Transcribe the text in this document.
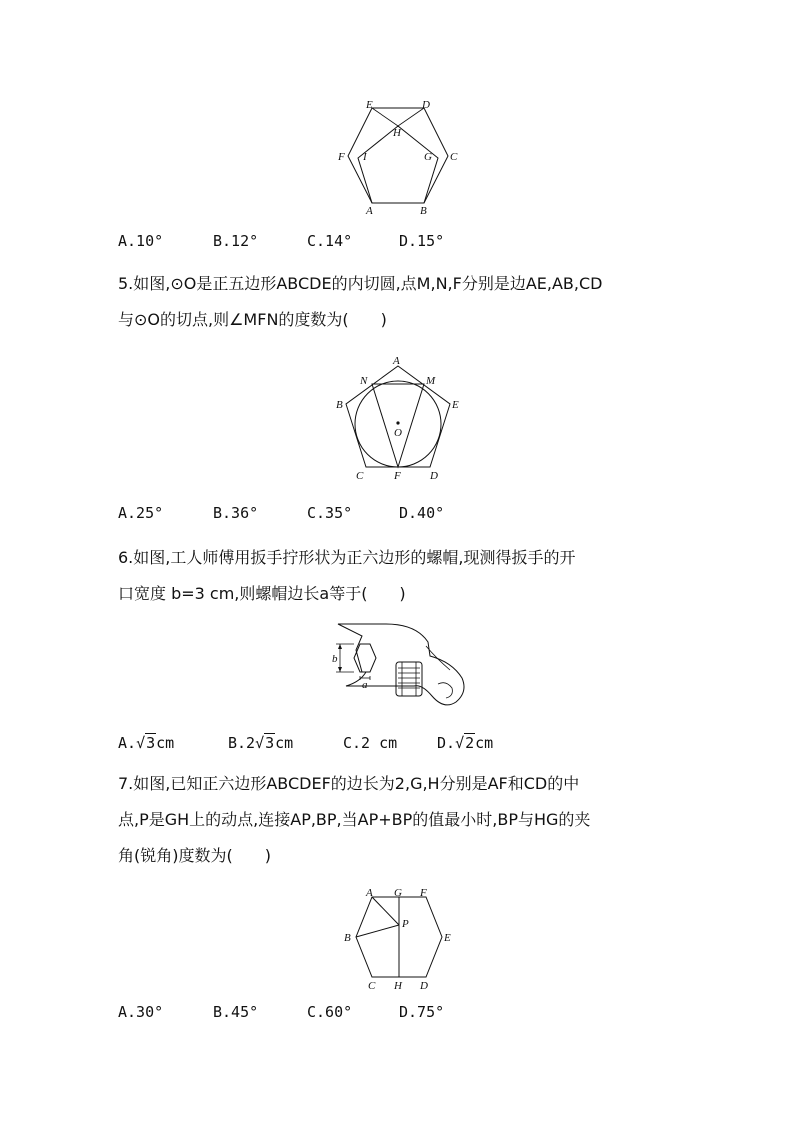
E	D
H
F I	G C
A	B
A.10°	B.12°	C.14°	D.15°

5.如图,⊙O是正五边形ABCDE的内切圆,点M,N,F分别是边AE,AB,CD

与⊙O的切点,则∠MFN的度数为(　　)

A
N	M
B	E
O
C	F	D
A.25°	B.36°	C.35°	D.40°

6.如图,工人师傅用扳手拧形状为正六边形的螺帽,现测得扳手的开

口宽度 b=3 cm,则螺帽边长a等于(　　)

b
a
A.√3cm	B.2√3cm	C.2 cm	D.√2cm

7.如图,已知正六边形ABCDEF的边长为2,G,H分别是AF和CD的中

点,P是GH上的动点,连接AP,BP,当AP+BP的值最小时,BP与HG的夹

角(锐角)度数为(　　)

A G F
B
P
E
C H D
A.30°	B.45°	C.60°	D.75°
